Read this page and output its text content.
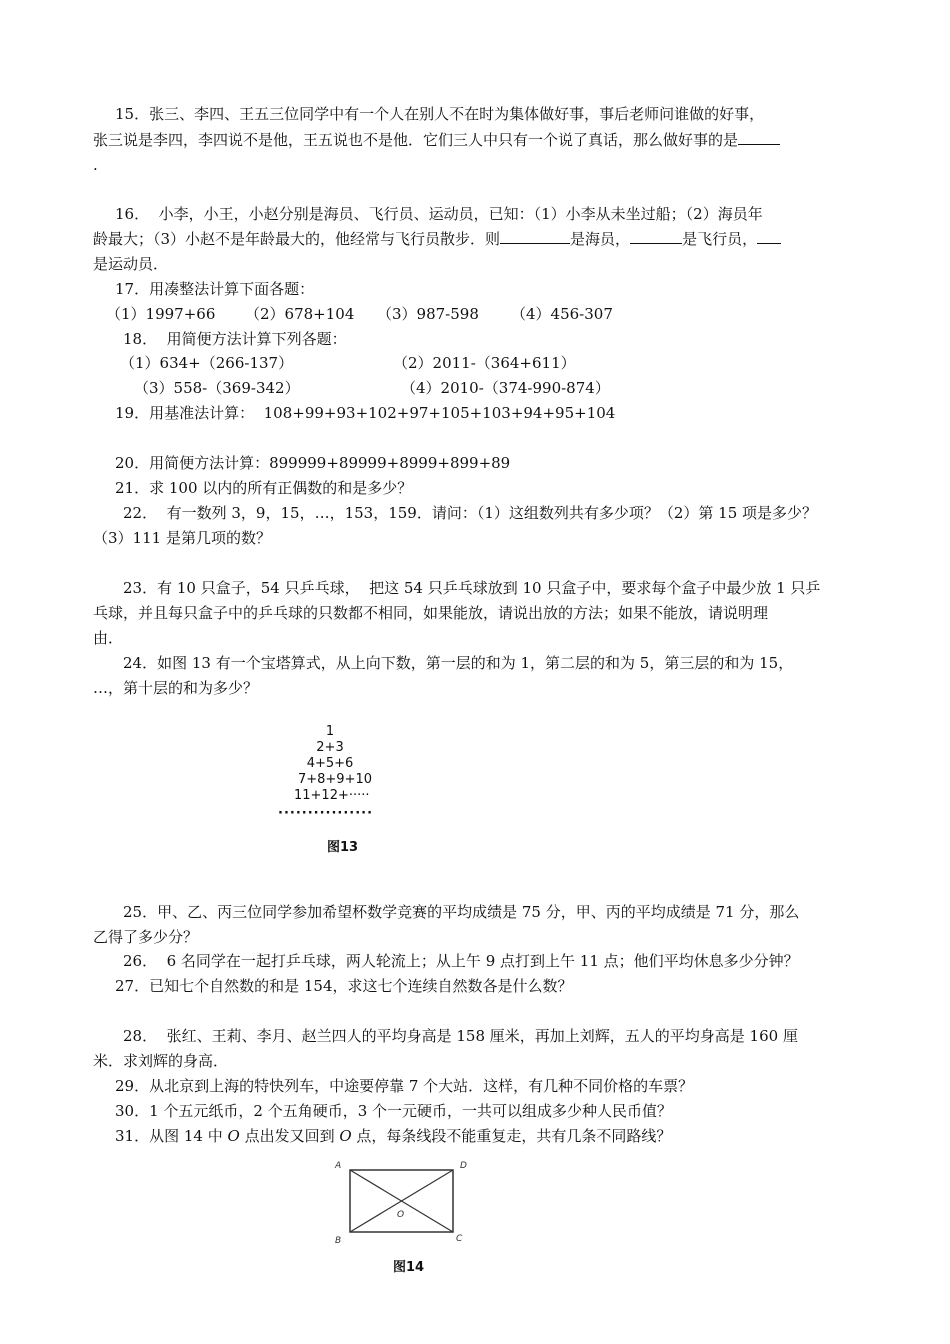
15．张三、李四、王五三位同学中有一个人在别人不在时为集体做好事，事后老师问谁做的好事，
张三说是李四，李四说不是他，王五说也不是他．它们三人中只有一个说了真话，那么做好事的是
.
16．  小李，小王，小赵分别是海员、飞行员、运动员，已知：（1）小李从未坐过船；（2）海员年
龄最大；（3）小赵不是年龄最大的，他经常与飞行员散步．则	是海员，	是飞行员，
是运动员．
17．用凑整法计算下面各题：
（1）1997+66 （2）678+104 （3）987-598 （4）456-307
18．  用简便方法计算下列各题：
（1）634+（266-137）	（2）2011-（364+611）
（3）558-（369-342）	（4）2010-（374-990-874）
19．用基准法计算：  108+99+93+102+97+105+103+94+95+104
20．用简便方法计算：899999+89999+8999+899+89
21．求 100 以内的所有正偶数的和是多少？
22．  有一数列 3，9，15，…，153，159．请问：（1）这组数列共有多少项？（2）第 15 项是多少？
（3）111 是第几项的数？
23．有 10 只盒子，54 只乒乓球，  把这 54 只乒乓球放到 10 只盒子中，要求每个盒子中最少放 1 只乒
乓球，并且每只盒子中的乒乓球的只数都不相同，如果能放，请说出放的方法；如果不能放，请说明理
由．
24．如图 13 有一个宝塔算式，从上向下数，第一层的和为 1，第二层的和为 5，第三层的和为 15，
…，第十层的和为多少？
1
2+3
4+5+6
7+8+9+10
11+12+·····
················
图13
25．甲、乙、丙三位同学参加希望杯数学竞赛的平均成绩是 75 分，甲、丙的平均成绩是 71 分，那么
乙得了多少分？
26．  6 名同学在一起打乒乓球，两人轮流上；从上午 9 点打到上午 11 点；他们平均休息多少分钟？
27．已知七个自然数的和是 154，求这七个连续自然数各是什么数？
28．  张红、王莉、李月、赵兰四人的平均身高是 158 厘米，再加上刘辉，五人的平均身高是 160 厘
米．求刘辉的身高．
29．从北京到上海的特快列车，中途要停靠 7 个大站．这样，有几种不同价格的车票？
30．1 个五元纸币，2 个五角硬币，3 个一元硬币，一共可以组成多少种人民币值？
31．从图 14 中 O 点出发又回到 O 点，每条线段不能重复走，共有几条不同路线？
A	D
B	C
O
图14
